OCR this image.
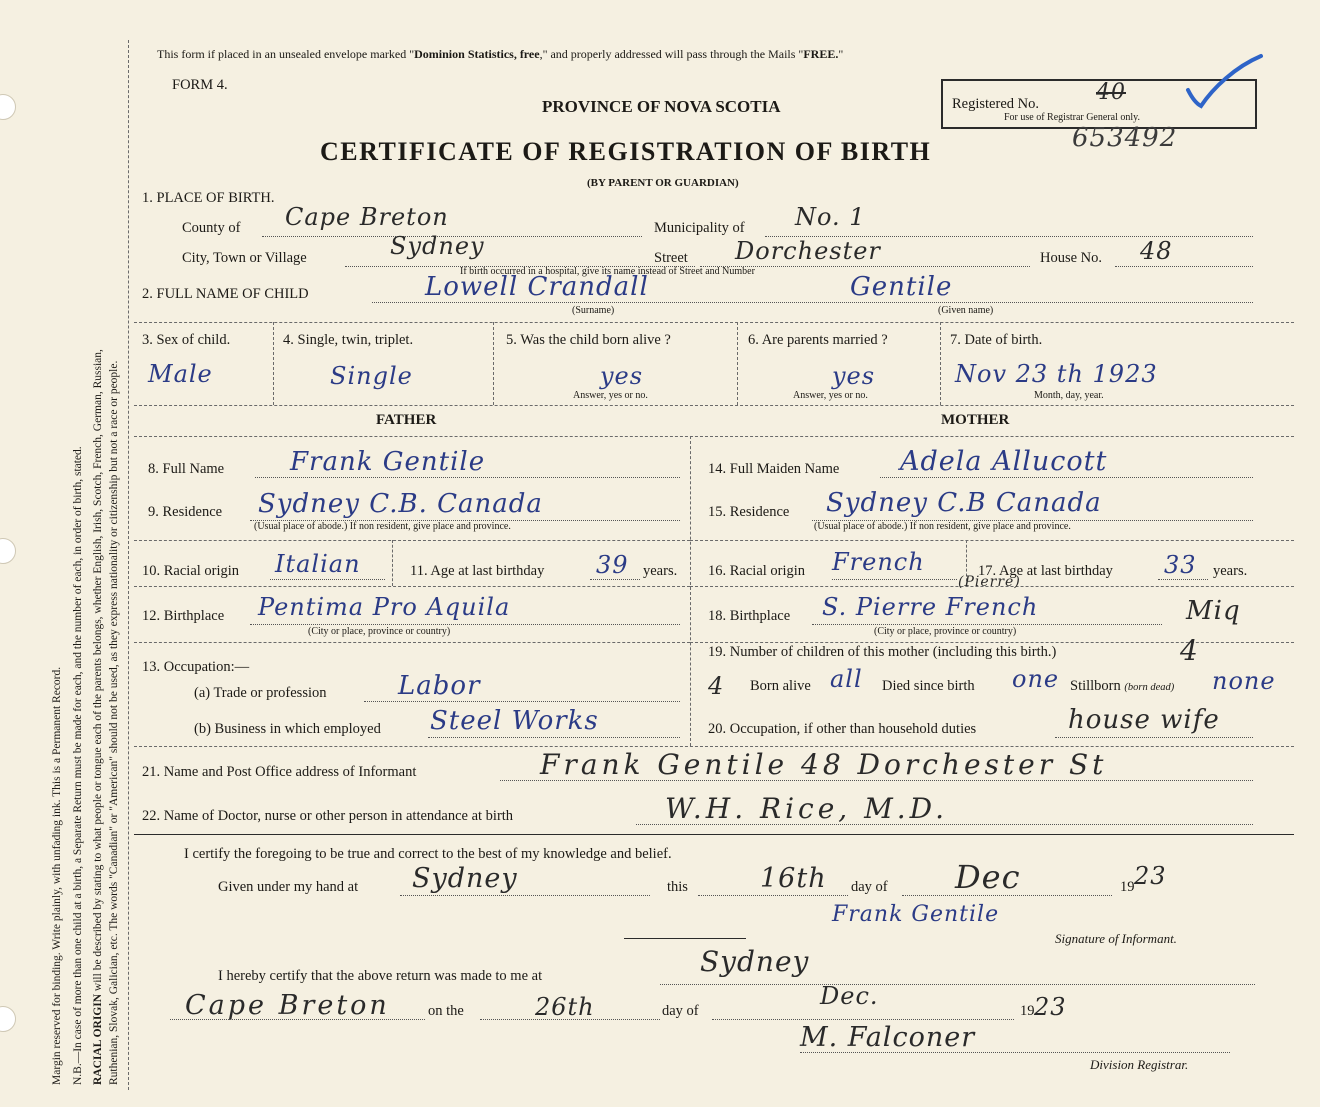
Margin reserved for binding. Write plainly, with unfading ink. This is a Permanent Record. N.B.—In case of more than one child at a birth, a Separate Return must be made for each, and the number of each, in order of birth, stated. RACIAL ORIGIN will be described by stating to what people or tongue each of the parents belongs, whether English, Irish, Scotch, French, German, Russian, Ruthenian, Slovak, Galician, etc. The words "Canadian" or "American" should not be used, as they express nationality or citizenship but not a race or people.
This form if placed in an unsealed envelope marked "Dominion Statistics, free," and properly addressed will pass through the Mails "FREE."
FORM 4.
PROVINCE OF NOVA SCOTIA
CERTIFICATE OF REGISTRATION OF BIRTH
(BY PARENT OR GUARDIAN)
Registered No.	40
For use of Registrar General only.
653492
1. PLACE OF BIRTH.
County of Cape Breton	Municipality of No. 1
City, Town or Village	Sydney	Street Dorchester	House No. 48
If birth occurred in a hospital, give its name instead of Street and Number
2. FULL NAME OF CHILD	Lowell Crandall	Gentile
(Surname)	(Given name)
3. Sex of child.
Male
4. Single, twin, triplet.
Single
5. Was the child born alive ?
yes
Answer, yes or no.
6. Are parents married ?
yes
Answer, yes or no.
7. Date of birth.
Nov 23 th 1923
Month, day, year.
FATHER	MOTHER
8. Full Name	Frank Gentile
9. Residence Sydney C.B. Canada
(Usual place of abode.) If non resident, give place and province.
10. Racial origin Italian	11. Age at last birthday 39 years.
12. Birthplace Pentima Pro Aquila
(City or place, province or country)
13. Occupation:—
(a) Trade or profession	Labor
(b) Business in which employed Steel Works
14. Full Maiden Name Adela Allucott
15. Residence Sydney C.B Canada
(Usual place of abode.) If non resident, give place and province.
16. Racial origin French	17. Age at last birthday 33 years.
18. Birthplace S. Pierre French
(Pierre)
Miq
(City or place, province or country)
19. Number of children of this mother (including this birth.)	4
4 Born alive all Died since birth one Stillborn (born dead) none
20. Occupation, if other than household duties	house wife
21. Name and Post Office address of Informant	Frank Gentile 48 Dorchester St
22. Name of Doctor, nurse or other person in attendance at birth	W.H. Rice, M.D.
I certify the foregoing to be true and correct to the best of my knowledge and belief.
Given under my hand at Sydney	this	16th day of Dec	19 23
Frank Gentile
Signature of Informant.
I hereby certify that the above return was made to me at	Sydney
Cape Breton	on the	26th	day of
Dec.
19 23
M. Falconer
Division Registrar.
